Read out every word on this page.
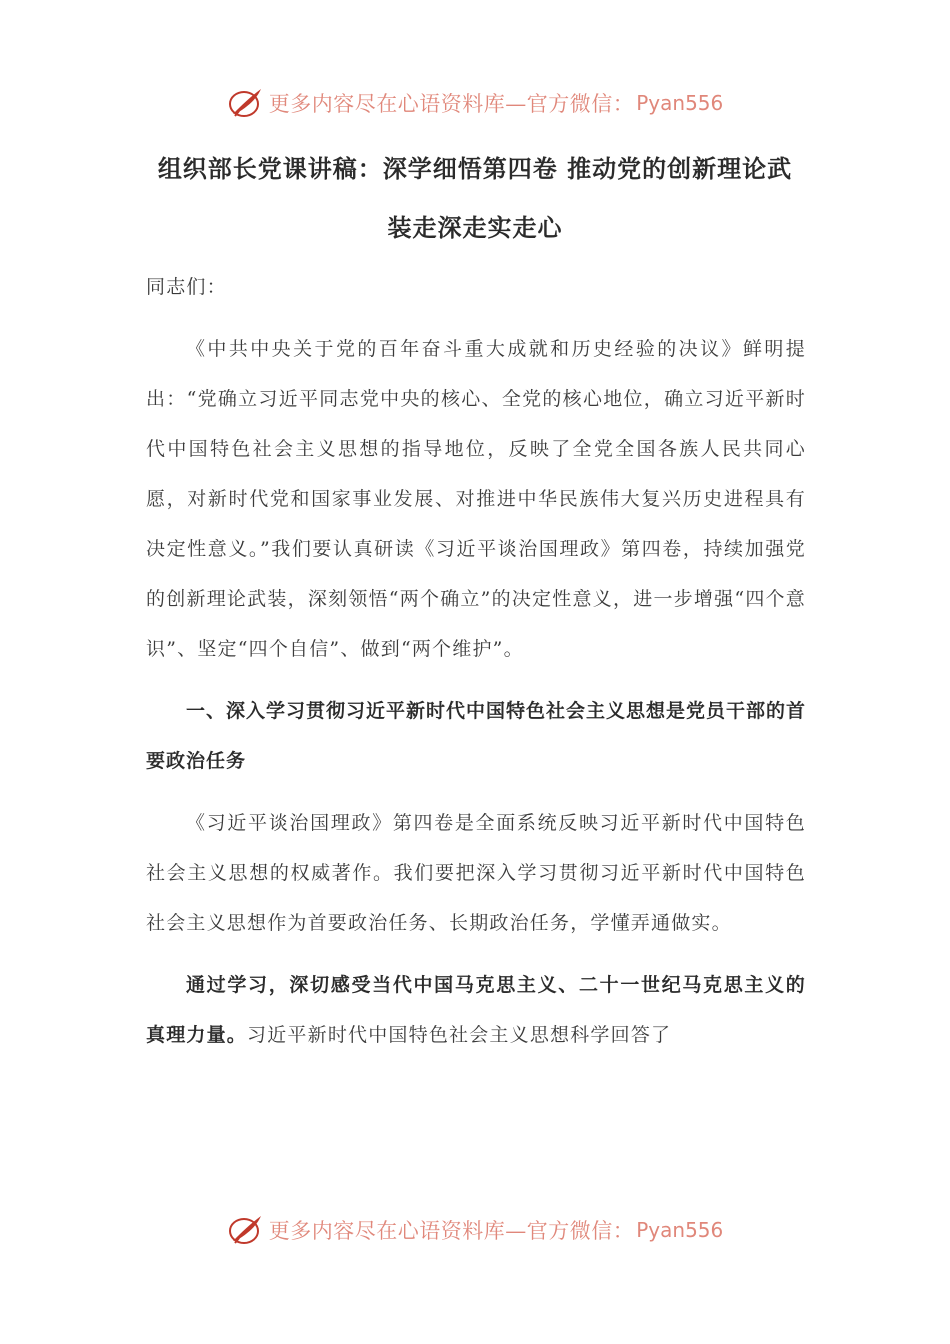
更多内容尽在心语资料库—官方微信： Pyan556
组织部长党课讲稿：深学细悟第四卷 推动党的创新理论武
装走深走实走心

同志们：

《中共中央关于党的百年奋斗重大成就和历史经验的决议》鲜明提出：“党确立习近平同志党中央的核心、全党的核心地位，确立习近平新时代中国特色社会主义思想的指导地位，反映了全党全国各族人民共同心愿，对新时代党和国家事业发展、对推进中华民族伟大复兴历史进程具有决定性意义。”我们要认真研读《习近平谈治国理政》第四卷，持续加强党的创新理论武装，深刻领悟“两个确立”的决定性意义，进一步增强“四个意识”、坚定“四个自信”、做到“两个维护”。

一、深入学习贯彻习近平新时代中国特色社会主义思想是党员干部的首要政治任务

《习近平谈治国理政》第四卷是全面系统反映习近平新时代中国特色社会主义思想的权威著作。我们要把深入学习贯彻习近平新时代中国特色社会主义思想作为首要政治任务、长期政治任务，学懂弄通做实。

通过学习，深切感受当代中国马克思主义、二十一世纪马克思主义的真理力量。习近平新时代中国特色社会主义思想科学回答了

更多内容尽在心语资料库—官方微信： Pyan556
